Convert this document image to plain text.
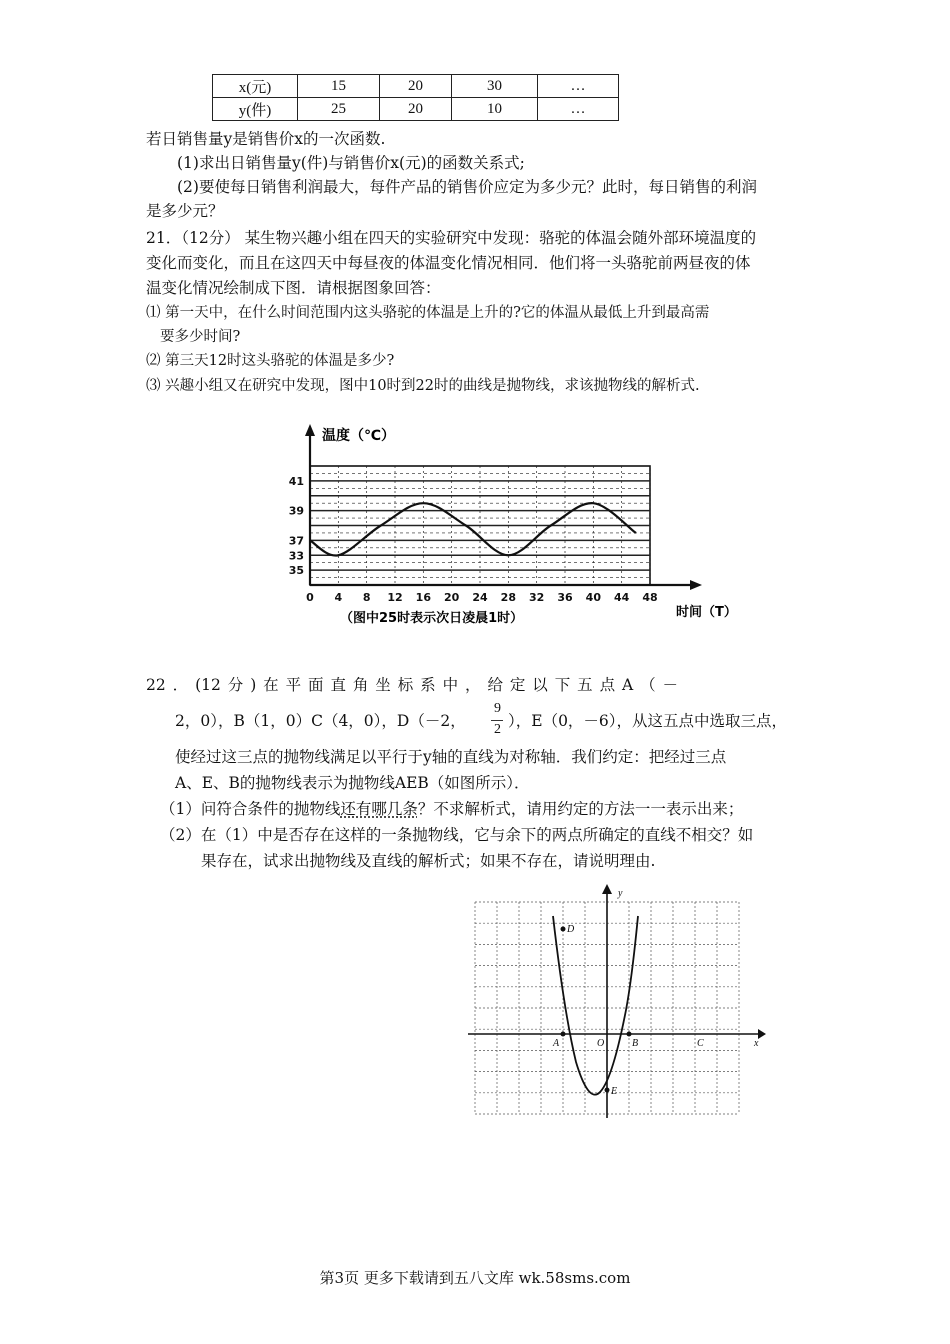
x(元)	15	20	30	…
y(件)	25	20	10	…
若日销售量y是销售价x的一次函数.
(1)求出日销售量y(件)与销售价x(元)的函数关系式;
(2)要使每日销售利润最大，每件产品的销售价应定为多少元？此时，每日销售的利润
是多少元？
21．（12分） 某生物兴趣小组在四天的实验研究中发现：骆驼的体温会随外部环境温度的
变化而变化，而且在这四天中每昼夜的体温变化情况相同．他们将一头骆驼前两昼夜的体
温变化情况绘制成下图．请根据图象回答：
⑴ 第一天中，在什么时间范围内这头骆驼的体温是上升的?它的体温从最低上升到最高需
要多少时间?
⑵ 第三天12时这头骆驼的体温是多少?
⑶ 兴趣小组又在研究中发现，图中10时到22时的曲线是抛物线，求该抛物线的解析式.
35
33
37
39
41
0 4 8 12 16 20 24 28 32 36 40 44 48
温度（℃）
时间（T）
（图中25时表示次日凌晨1时）
22 ． (12 分 ) 在 平 面 直 角 坐 标 系 中 ， 给 定 以 下 五 点 A （ －
2，0），B（1，0）C（4，0），D（－2，
9
2 ），E（0，－6），从这五点中选取三点，
使经过这三点的抛物线满足以平行于y轴的直线为对称轴．我们约定：把经过三点
A、E、B的抛物线表示为抛物线AEB（如图所示）．
（1）问符合条件的抛物线还有哪几条？不求解析式，请用约定的方法一一表示出来；
（2）在（1）中是否存在这样的一条抛物线，它与余下的两点所确定的直线不相交？如
果存在，试求出抛物线及直线的解析式；如果不存在，请说明理由.
D
A	O	B	C
E
y
x
第3页 更多下载请到五八文库 wk.58sms.com
